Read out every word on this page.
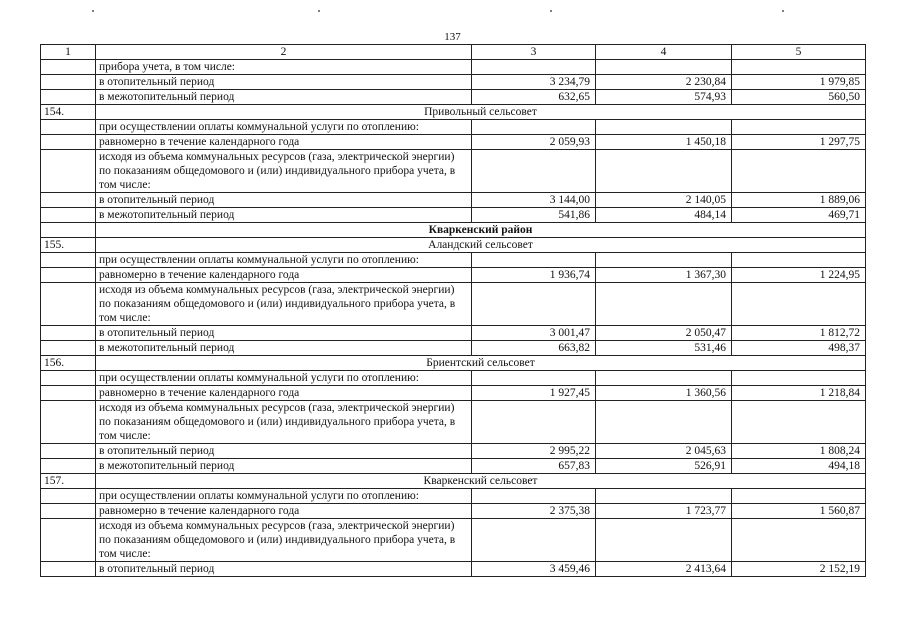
137
1	2	3	4	5
	прибора учета, в том числе:			
	в отопительный период	3 234,79	2 230,84	1 979,85
	в межотопительный период	632,65	574,93	560,50
154.	Привольный сельсовет			
	при осуществлении оплаты коммунальной услуги по отоплению:			
	равномерно в течение календарного года	2 059,93	1 450,18	1 297,75
	исходя из объема коммунальных ресурсов (газа, электрической энергии) по показаниям общедомового и (или) индивидуального прибора учета, в том числе:			
	в отопительный период	3 144,00	2 140,05	1 889,06
	в межотопительный период	541,86	484,14	469,71
	Кваркенский район			
155.	Аландский сельсовет			
	при осуществлении оплаты коммунальной услуги по отоплению:			
	равномерно в течение календарного года	1 936,74	1 367,30	1 224,95
	исходя из объема коммунальных ресурсов (газа, электрической энергии) по показаниям общедомового и (или) индивидуального прибора учета, в том числе:			
	в отопительный период	3 001,47	2 050,47	1 812,72
	в межотопительный период	663,82	531,46	498,37
156.	Бриентский сельсовет			
	при осуществлении оплаты коммунальной услуги по отоплению:			
	равномерно в течение календарного года	1 927,45	1 360,56	1 218,84
	исходя из объема коммунальных ресурсов (газа, электрической энергии) по показаниям общедомового и (или) индивидуального прибора учета, в том числе:			
	в отопительный период	2 995,22	2 045,63	1 808,24
	в межотопительный период	657,83	526,91	494,18
157.	Кваркенский сельсовет			
	при осуществлении оплаты коммунальной услуги по отоплению:			
	равномерно в течение календарного года	2 375,38	1 723,77	1 560,87
	исходя из объема коммунальных ресурсов (газа, электрической энергии) по показаниям общедомового и (или) индивидуального прибора учета, в том числе:			
	в отопительный период	3 459,46	2 413,64	2 152,19
